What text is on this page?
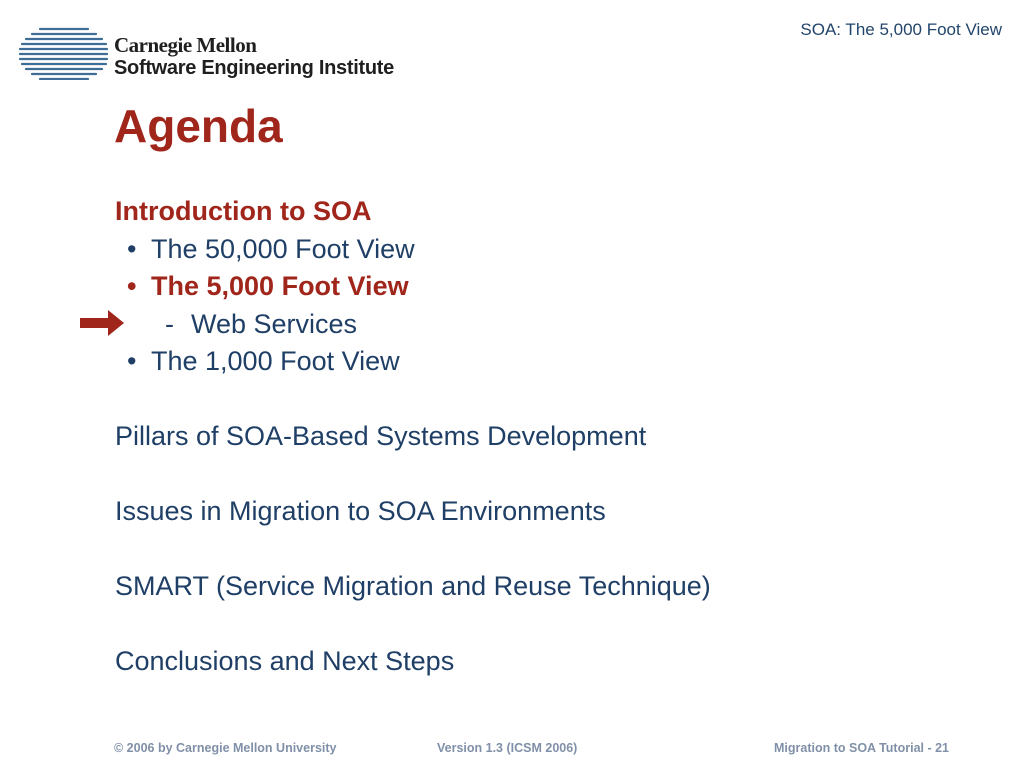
Carnegie Mellon
Software Engineering Institute
SOA: The 5,000 Foot View
Agenda
Introduction to SOA
• The 50,000 Foot View
• The 5,000 Foot View
- Web Services
• The 1,000 Foot View
Pillars of SOA-Based Systems Development
Issues in Migration to SOA Environments
SMART (Service Migration and Reuse Technique)
Conclusions and Next Steps
© 2006 by Carnegie Mellon University	Version 1.3 (ICSM 2006)	Migration to SOA Tutorial - 21
